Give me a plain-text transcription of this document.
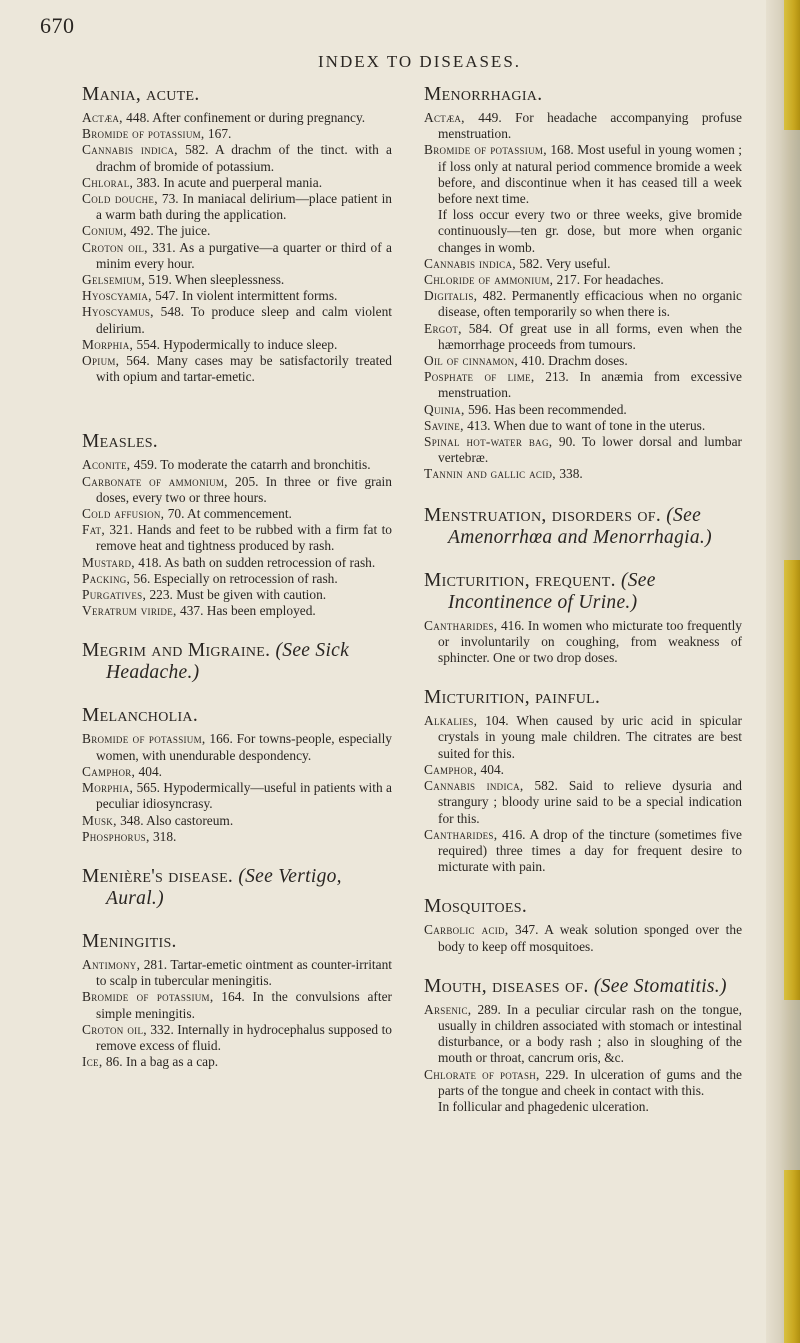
670
INDEX TO DISEASES.
Mania, acute.
Actæa, 448. After confinement or during pregnancy.
Bromide of potassium, 167.
Cannabis indica, 582. A drachm of the tinct. with a drachm of bromide of potassium.
Chloral, 383. In acute and puerperal mania.
Cold douche, 73. In maniacal delirium—place patient in a warm bath during the application.
Conium, 492. The juice.
Croton oil, 331. As a purgative—a quarter or third of a minim every hour.
Gelsemium, 519. When sleeplessness.
Hyoscyamia, 547. In violent intermittent forms.
Hyoscyamus, 548. To produce sleep and calm violent delirium.
Morphia, 554. Hypodermically to induce sleep.
Opium, 564. Many cases may be satisfactorily treated with opium and tartar-emetic.
Measles.
Aconite, 459. To moderate the catarrh and bronchitis.
Carbonate of ammonium, 205. In three or five grain doses, every two or three hours.
Cold affusion, 70. At commencement.
Fat, 321. Hands and feet to be rubbed with a firm fat to remove heat and tightness produced by rash.
Mustard, 418. As bath on sudden retrocession of rash.
Packing, 56. Especially on retrocession of rash.
Purgatives, 223. Must be given with caution.
Veratrum viride, 437. Has been employed.
Megrim and Migraine. (See Sick Headache.)
Melancholia.
Bromide of potassium, 166. For towns-people, especially women, with unendurable despondency.
Camphor, 404.
Morphia, 565. Hypodermically—useful in patients with a peculiar idiosyncrasy.
Musk, 348. Also castoreum.
Phosphorus, 318.
Menière's disease. (See Vertigo, Aural.)
Meningitis.
Antimony, 281. Tartar-emetic ointment as counter-irritant to scalp in tubercular meningitis.
Bromide of potassium, 164. In the convulsions after simple meningitis.
Croton oil, 332. Internally in hydrocephalus supposed to remove excess of fluid.
Ice, 86. In a bag as a cap.
Menorrhagia.
Actæa, 449. For headache accompanying profuse menstruation.
Bromide of potassium, 168. Most useful in young women ; if loss only at natural period commence bromide a week before, and discontinue when it has ceased till a week before next time.
If loss occur every two or three weeks, give bromide continuously—ten gr. dose, but more when organic changes in womb.
Cannabis indica, 582. Very useful.
Chloride of ammonium, 217. For headaches.
Digitalis, 482. Permanently efficacious when no organic disease, often temporarily so when there is.
Ergot, 584. Of great use in all forms, even when the hæmorrhage proceeds from tumours.
Oil of cinnamon, 410. Drachm doses.
Posphate of lime, 213. In anæmia from excessive menstruation.
Quinia, 596. Has been recommended.
Savine, 413. When due to want of tone in the uterus.
Spinal hot-water bag, 90. To lower dorsal and lumbar vertebræ.
Tannin and gallic acid, 338.
Menstruation, disorders of. (See Amenorrhœa and Menorrhagia.)
Micturition, frequent. (See Incontinence of Urine.)
Cantharides, 416. In women who micturate too frequently or involuntarily on coughing, from weakness of sphincter. One or two drop doses.
Micturition, painful.
Alkalies, 104. When caused by uric acid in spicular crystals in young male children. The citrates are best suited for this.
Camphor, 404.
Cannabis indica, 582. Said to relieve dysuria and strangury ; bloody urine said to be a special indication for this.
Cantharides, 416. A drop of the tincture (sometimes five required) three times a day for frequent desire to micturate with pain.
Mosquitoes.
Carbolic acid, 347. A weak solution sponged over the body to keep off mosquitoes.
Mouth, diseases of. (See Stomatitis.)
Arsenic, 289. In a peculiar circular rash on the tongue, usually in children associated with stomach or intestinal disturbance, or a body rash ; also in sloughing of the mouth or throat, cancrum oris, &c.
Chlorate of potash, 229. In ulceration of gums and the parts of the tongue and cheek in contact with this.
In follicular and phagedenic ulceration.
